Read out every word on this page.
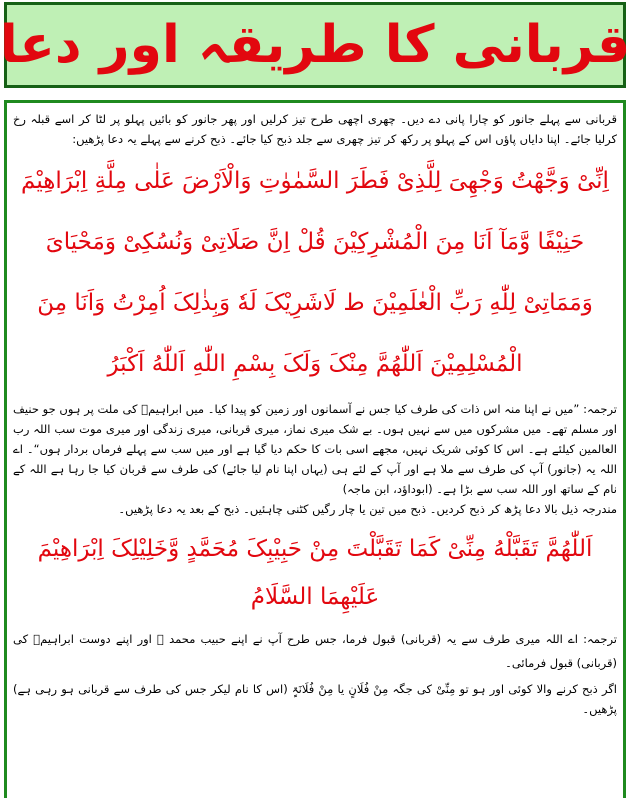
قربانی کا طریقہ اور دعا

قربانی سے پہلے جانور کو چارا پانی دے دیں۔ چھری اچھی طرح تیز کرلیں اور پھر جانور کو بائیں پہلو پر لٹا کر اسے قبلہ رخ کرلیا جائے۔ اپنا دایاں پاؤں اس کے پہلو پر رکھ کر تیز چھری سے جلد ذبح کیا جائے۔ ذبح کرنے سے پہلے یہ دعا پڑھیں:

اِنِّیْ وَجَّھْتُ وَجْھِیَ لِلَّذِیْ فَطَرَ السَّمٰوٰتِ وَالْاَرْضَ عَلٰی مِلَّةِ اِبْرَاھِیْمَ حَنِیْفًا وَّمَآ اَنَا مِنَ الْمُشْرِکِیْنَ قُلْ اِنَّ صَلَاتِیْ وَنُسُکِیْ وَمَحْیَایَ وَمَمَاتِیْ لِلّٰهِ رَبِّ الْعٰلَمِیْنَ ط لَاشَرِیْکَ لَهٗ وَبِذٰلِکَ اُمِرْتُ وَاَنَا مِنَ الْمُسْلِمِیْنَ اَللّٰھُمَّ مِنْکَ وَلَکَ بِسْمِ اللّٰهِ اَللّٰهُ اَکْبَرُ

ترجمہ: ”میں نے اپنا منہ اس ذات کی طرف کیا جس نے آسمانوں اور زمین کو پیدا کیا۔ میں ابراہیمؑ کی ملت پر ہوں جو حنیف اور مسلم تھے۔ میں مشرکوں میں سے نہیں ہوں۔ بے شک میری نماز، میری قربانی، میری زندگی اور میری موت سب اللہ رب العالمین کیلئے ہے۔ اس کا کوئی شریک نہیں، مجھے اسی بات کا حکم دیا گیا ہے اور میں سب سے پہلے فرماں بردار ہوں“۔ اے اللہ یہ (جانور) آپ کی طرف سے ملا ہے اور آپ کے لئے ہی (یہاں اپنا نام لیا جائے) کی طرف سے قربان کیا جا رہا ہے اللہ کے نام کے ساتھ اور اللہ سب سے بڑا ہے۔ (ابوداؤد، ابن ماجہ)

مندرجہ ذیل بالا دعا پڑھ کر ذبح کردیں۔ ذبح میں تین یا چار رگیں کٹنی چاہئیں۔ ذبح کے بعد یہ دعا پڑھیں۔

اَللّٰھُمَّ تَقَبَّلْهُ مِنِّیْ کَمَا تَقَبَّلْتَ مِنْ حَبِیْبِکَ مُحَمَّدٍ وَّخَلِیْلِکَ اِبْرَاھِیْمَ عَلَیْھِمَا السَّلَامُ

ترجمہ: اے اللہ میری طرف سے یہ (قربانی) قبول فرما، جس طرح آپ نے اپنے حبیب محمد ﷺ اور اپنے دوست ابراہیمؑ کی (قربانی) قبول فرمائی۔

اگر ذبح کرنے والا کوئی اور ہو تو مِنِّیْ کی جگہ مِنْ فُلَانٍ یا مِنْ فُلَانَۃٍ (اس کا نام لیکر جس کی طرف سے قربانی ہو رہی ہے) پڑھیں۔
